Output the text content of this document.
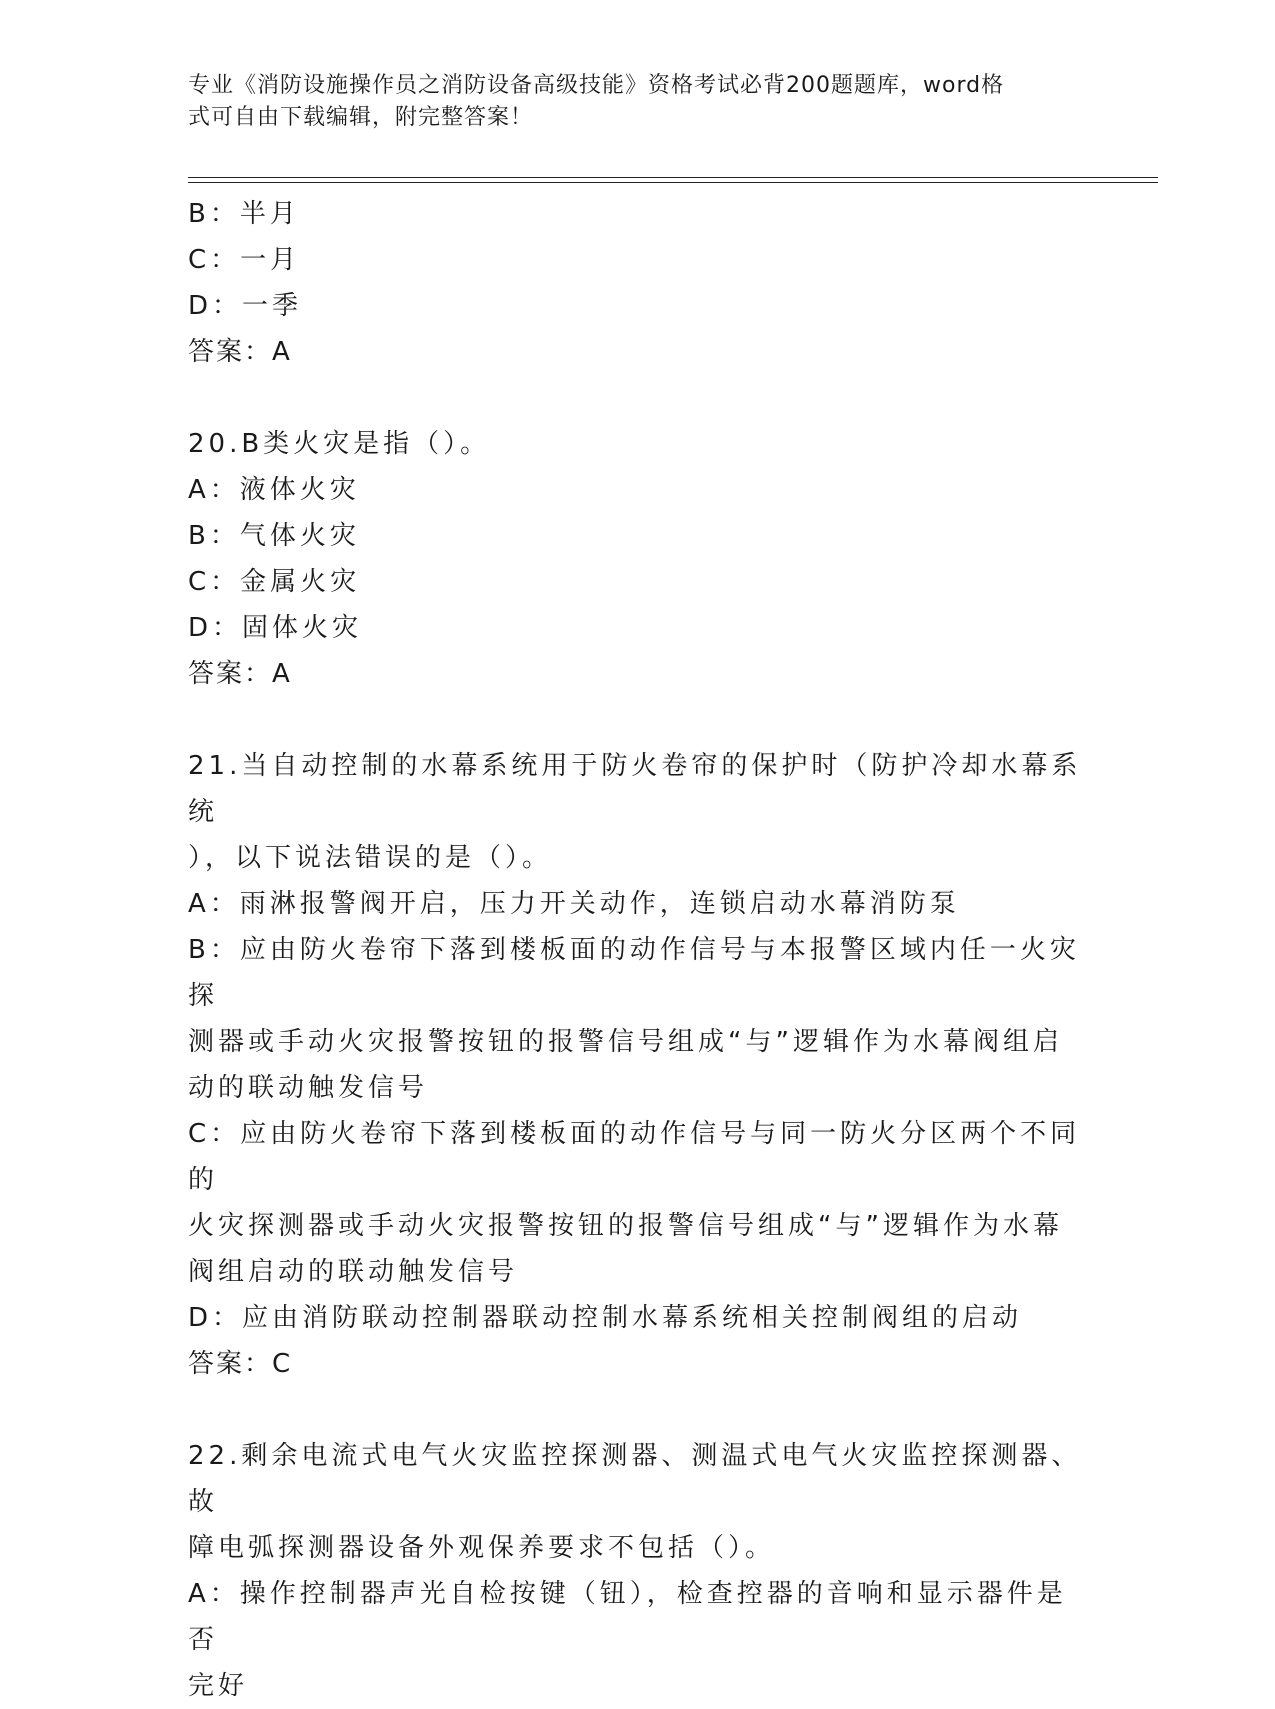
专业《消防设施操作员之消防设备高级技能》资格考试必背200题题库，word格
式可自由下载编辑，附完整答案！
B：半月
C：一月
D：一季
答案：A
20.B类火灾是指（）。
A：液体火灾
B：气体火灾
C：金属火灾
D：固体火灾
答案：A
21.当自动控制的水幕系统用于防火卷帘的保护时（防护冷却水幕系统
），以下说法错误的是（）。
A：雨淋报警阀开启，压力开关动作，连锁启动水幕消防泵
B：应由防火卷帘下落到楼板面的动作信号与本报警区域内任一火灾探
测器或手动火灾报警按钮的报警信号组成“与”逻辑作为水幕阀组启
动的联动触发信号
C：应由防火卷帘下落到楼板面的动作信号与同一防火分区两个不同的
火灾探测器或手动火灾报警按钮的报警信号组成“与”逻辑作为水幕
阀组启动的联动触发信号
D：应由消防联动控制器联动控制水幕系统相关控制阀组的启动
答案：C
22.剩余电流式电气火灾监控探测器、测温式电气火灾监控探测器、故
障电弧探测器设备外观保养要求不包括（）。
A：操作控制器声光自检按键（钮），检查控器的音响和显示器件是否
完好
